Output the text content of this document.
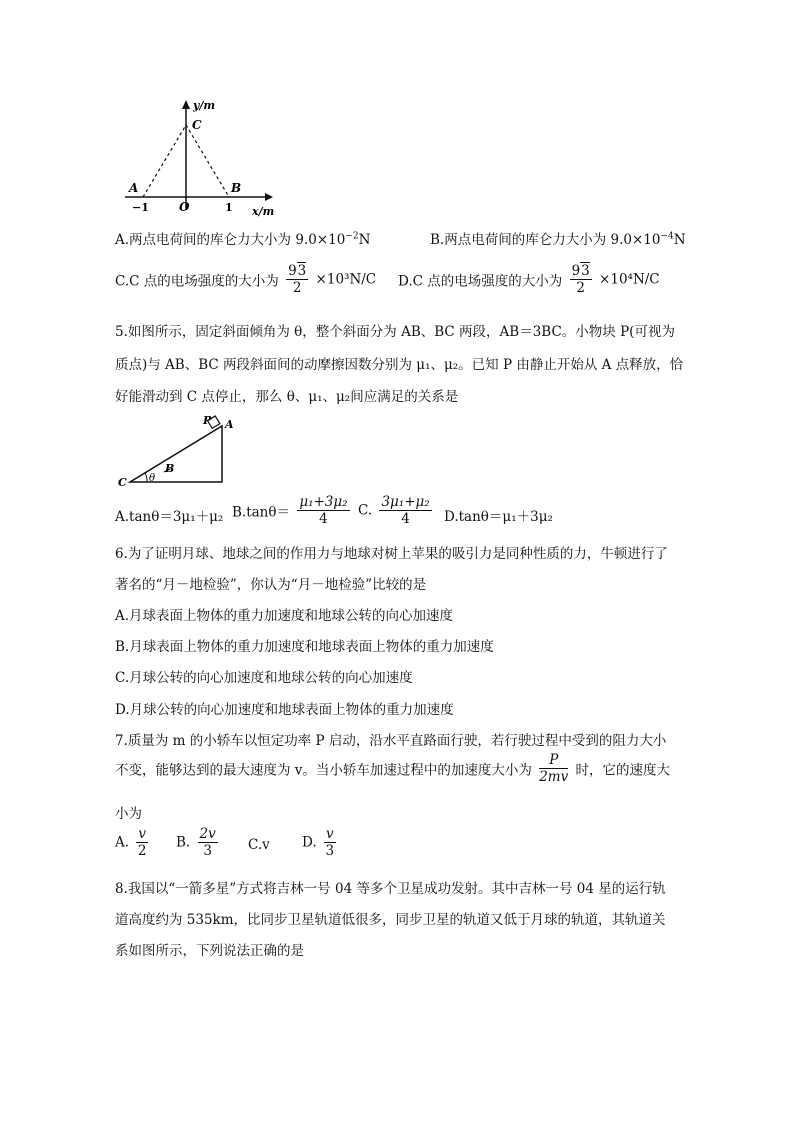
y/m
C
A	B
−1	O	1 x/m
A.两点电荷间的库仑力大小为 $9.0\times 10^{-2}N$	B.两点电荷间的库仑力大小为 $9.0\times 10^{-4}N$
C.C 点的电场强度的大小为 $\frac{93}{2} \times 10^3N/C$ D.C 点的电场强度的大小为 $\frac{93}{2} \times 10^4N/C$
5.如图所示，固定斜面倾角为 θ，整个斜面分为 AB、BC 两段，AB＝3BC。小物块 P(可视为
质点)与 AB、BC 两段斜面间的动摩擦因数分别为 μ₁、μ₂。已知 P 由静止开始从 A 点释放，恰
好能滑动到 C 点停止，那么 θ、μ₁、μ₂间应满足的关系是
P A
B
C θ
A.tanθ＝3μ₁＋μ₂ $B.\tan\theta= \frac{\text{μ₁+3μ₂}}{4} C$. $\frac{\text{3μ₁+μ₂}}{4} D.\tan\theta=\mu_1+3\mu_2$
6.为了证明月球、地球之间的作用力与地球对树上苹果的吸引力是同种性质的力，牛顿进行了
著名的“月－地检验”，你认为“月－地检验”比较的是
A.月球表面上物体的重力加速度和地球公转的向心加速度
B.月球表面上物体的重力加速度和地球表面上物体的重力加速度
C.月球公转的向心加速度和地球公转的向心加速度
D.月球公转的向心加速度和地球表面上物体的重力加速度
7.质量为 m 的小轿车以恒定功率 P 启动，沿水平直路面行驶，若行驶过程中受到的阻力大小
不变，能够达到的最大速度为 v。当小轿车加速过程中的加速度大小为 $\frac{P}{2mv}$ 时，它的速度大
小为
A. $\frac{v}{2} B$. $\frac{2v}{3} C.v$ D. $\frac{v}{3}$
8.我国以“一箭多星”方式将吉林一号 04 等多个卫星成功发射。其中吉林一号 04 星的运行轨
道高度约为 535km，比同步卫星轨道低很多，同步卫星的轨道又低于月球的轨道，其轨道关
系如图所示，下列说法正确的是
